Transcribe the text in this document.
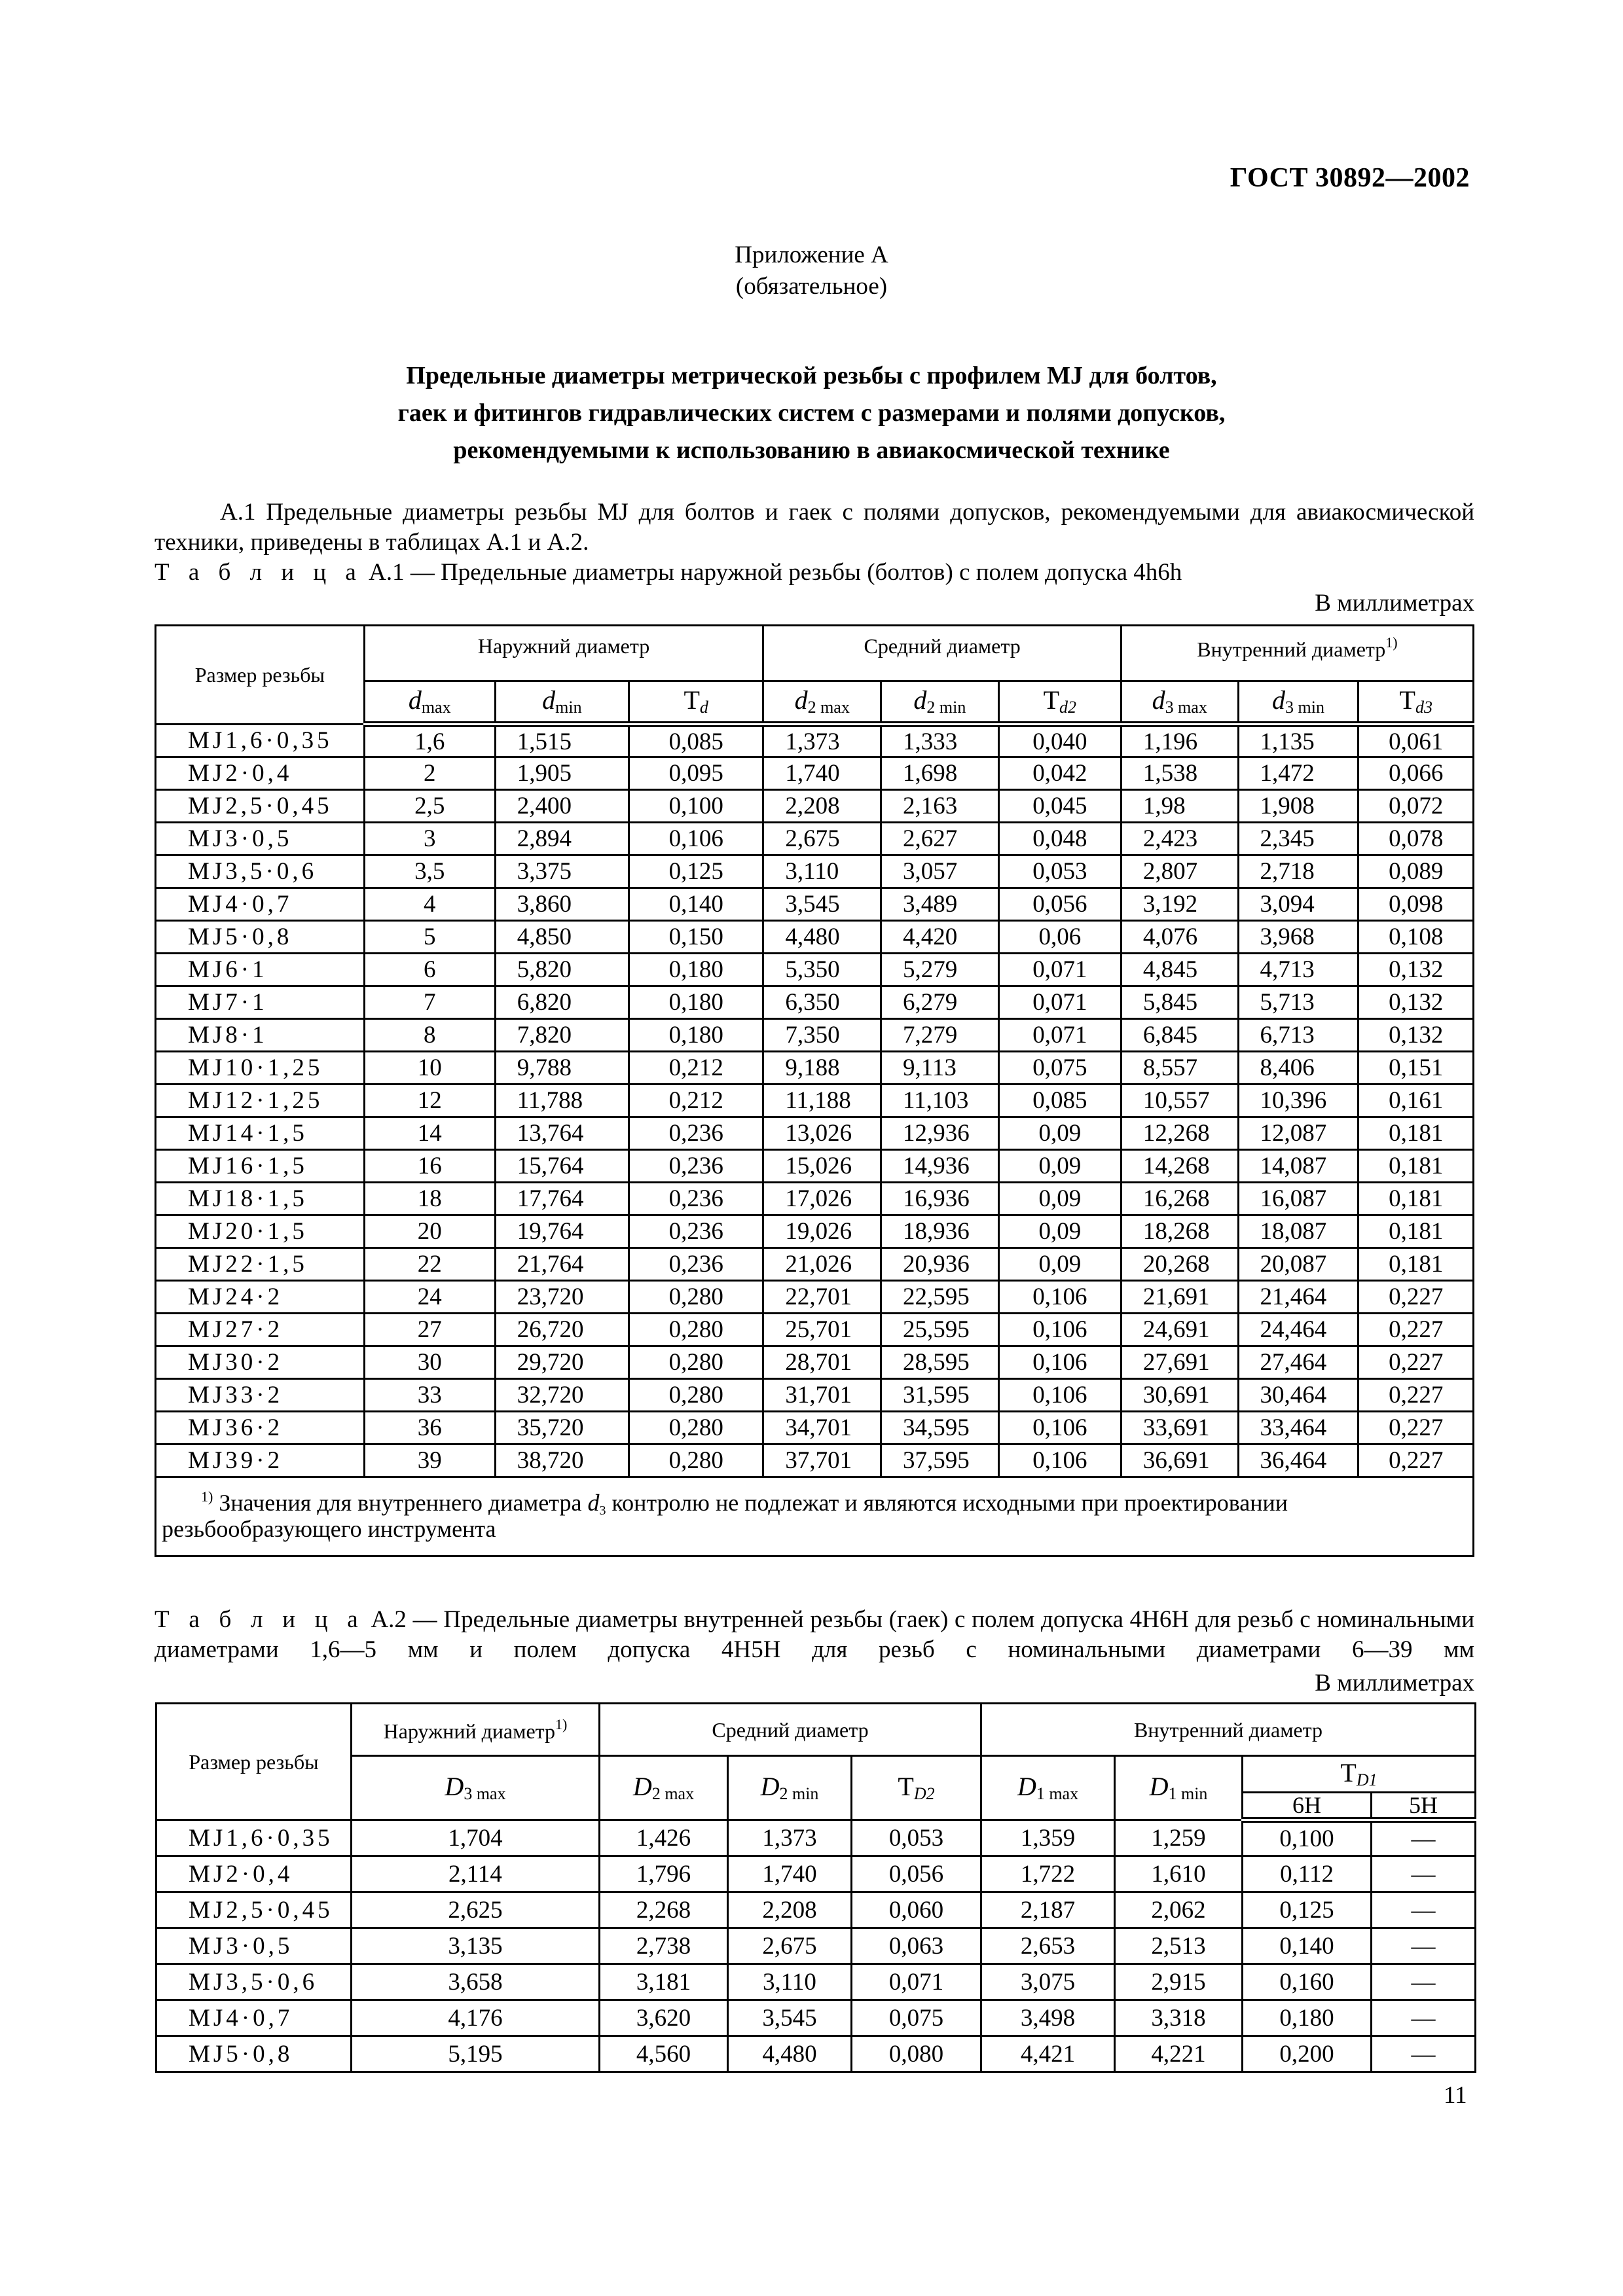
ГОСТ 30892—2002
Приложение А
(обязательное)
Предельные диаметры метрической резьбы с профилем MJ для болтов,
гаек и фитингов гидравлических систем с размерами и полями допусков,
рекомендуемыми к использованию в авиакосмической технике
А.1 Предельные диаметры резьбы MJ для болтов и гаек с полями допусков, рекомендуемыми для авиакосмической техники, приведены в таблицах А.1 и А.2.
Т а б л и ц а А.1 — Предельные диаметры наружной резьбы (болтов) с полем допуска 4h6h
В миллиметрах
Размер резьбы	Наружний диаметр			Средний диаметр			Внутренний диаметр$^{1)}$
	$d_{max}$	$d_{min}$	$T_d$	$d_{2 max}$	$d_{2 min}$	$T_{d2}$	$d_{3 max}$	$d_{3 min}$	$T_{d3}$
MJ1,6·0,35	1,6	1,515	0,085	1,373	1,333	0,040	1,196	1,135	0,061
MJ2·0,4	2	1,905	0,095	1,740	1,698	0,042	1,538	1,472	0,066
MJ2,5·0,45	2,5	2,400	0,100	2,208	2,163	0,045	1,98	1,908	0,072
MJ3·0,5	3	2,894	0,106	2,675	2,627	0,048	2,423	2,345	0,078
MJ3,5·0,6	3,5	3,375	0,125	3,110	3,057	0,053	2,807	2,718	0,089
MJ4·0,7	4	3,860	0,140	3,545	3,489	0,056	3,192	3,094	0,098
MJ5·0,8	5	4,850	0,150	4,480	4,420	0,06	4,076	3,968	0,108
MJ6·1	6	5,820	0,180	5,350	5,279	0,071	4,845	4,713	0,132
MJ7·1	7	6,820	0,180	6,350	6,279	0,071	5,845	5,713	0,132
MJ8·1	8	7,820	0,180	7,350	7,279	0,071	6,845	6,713	0,132
MJ10·1,25	10	9,788	0,212	9,188	9,113	0,075	8,557	8,406	0,151
MJ12·1,25	12	11,788	0,212	11,188	11,103	0,085	10,557	10,396	0,161
MJ14·1,5	14	13,764	0,236	13,026	12,936	0,09	12,268	12,087	0,181
MJ16·1,5	16	15,764	0,236	15,026	14,936	0,09	14,268	14,087	0,181
MJ18·1,5	18	17,764	0,236	17,026	16,936	0,09	16,268	16,087	0,181
MJ20·1,5	20	19,764	0,236	19,026	18,936	0,09	18,268	18,087	0,181
MJ22·1,5	22	21,764	0,236	21,026	20,936	0,09	20,268	20,087	0,181
MJ24·2	24	23,720	0,280	22,701	22,595	0,106	21,691	21,464	0,227
MJ27·2	27	26,720	0,280	25,701	25,595	0,106	24,691	24,464	0,227
MJ30·2	30	29,720	0,280	28,701	28,595	0,106	27,691	27,464	0,227
MJ33·2	33	32,720	0,280	31,701	31,595	0,106	30,691	30,464	0,227
MJ36·2	36	35,720	0,280	34,701	34,595	0,106	33,691	33,464	0,227
MJ39·2	39	38,720	0,280	37,701	37,595	0,106	36,691	36,464	0,227
$^{1)}$ Значения для внутреннего диаметра $d_3$ контролю не подлежат и являются исходными при проектировании резьбообразующего инструмента									
Т а б л и ц а А.2 — Предельные диаметры внутренней резьбы (гаек) с полем допуска 4H6H для резьб с номинальными диаметрами 1,6—5 мм и полем допуска 4H5H для резьб с номинальными диаметрами 6—39 мм
В миллиметрах
Размер резьбы	Наружний диаметр$^{1)}$	Средний диаметр			Внутренний диаметр			
	$D_{3 max}$	$D_{2 max}$	$D_{2 min}$	$T_{D2}$	$D_{1 max}$	$D_{1 min}$	$T_{D1}$
							6H	5H
MJ1,6·0,35	1,704	1,426	1,373	0,053	1,359	1,259	0,100	—
MJ2·0,4	2,114	1,796	1,740	0,056	1,722	1,610	0,112	—
MJ2,5·0,45	2,625	2,268	2,208	0,060	2,187	2,062	0,125	—
MJ3·0,5	3,135	2,738	2,675	0,063	2,653	2,513	0,140	—
MJ3,5·0,6	3,658	3,181	3,110	0,071	3,075	2,915	0,160	—
MJ4·0,7	4,176	3,620	3,545	0,075	3,498	3,318	0,180	—
MJ5·0,8	5,195	4,560	4,480	0,080	4,421	4,221	0,200	—
11
